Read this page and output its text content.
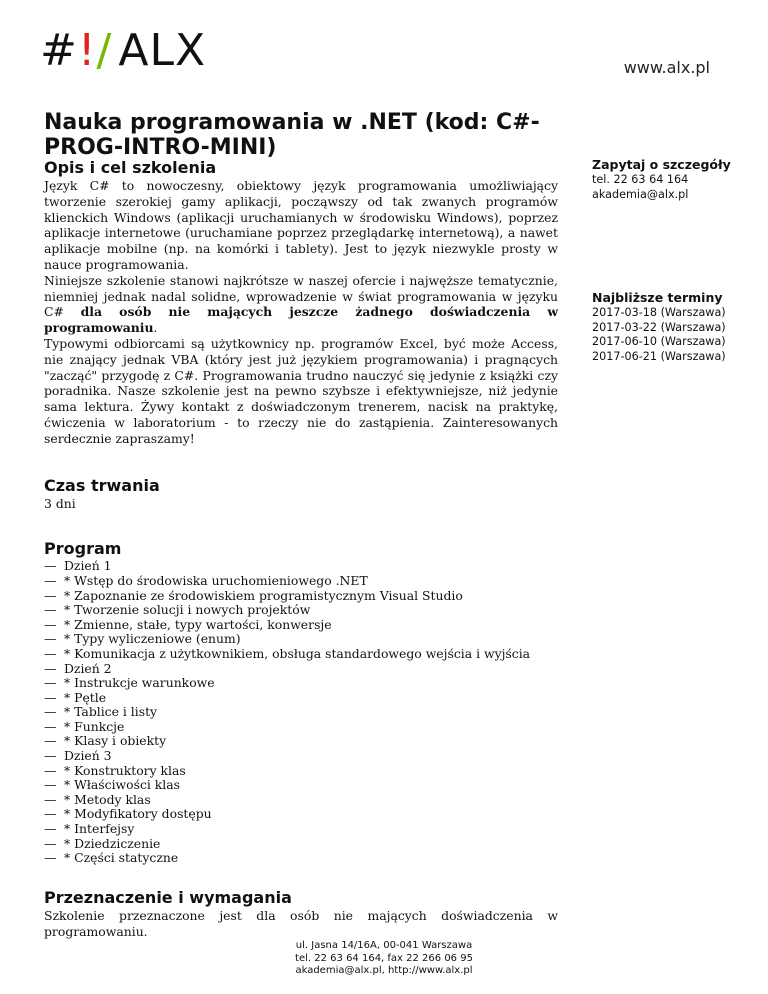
#!/ ALX	www.alx.pl
Nauka programowania w .NET (kod: C#-PROG-INTRO-MINI)
Opis i cel szkolenia

Język C# to nowoczesny, obiektowy język programowania umożliwiający tworzenie szerokiej gamy aplikacji, począwszy od tak zwanych programów klienckich Windows (aplikacji uruchamianych w środowisku Windows), poprzez aplikacje internetowe (uruchamiane poprzez przeglądarkę internetową), a nawet aplikacje mobilne (np. na komórki i tablety). Jest to język niezwykle prosty w nauce programowania.

Niniejsze szkolenie stanowi najkrótsze w naszej ofercie i najwęższe tematycznie, niemniej jednak nadal solidne, wprowadzenie w świat programowania w języku C# dla osób nie mających jeszcze żadnego doświadczenia w programowaniu.

Typowymi odbiorcami są użytkownicy np. programów Excel, być może Access, nie znający jednak VBA (który jest już językiem programowania) i pragnących "zacząć" przygodę z C#. Programowania trudno nauczyć się jedynie z książki czy poradnika. Nasze szkolenie jest na pewno szybsze i efektywniejsze, niż jedynie sama lektura. Żywy kontakt z doświadczonym trenerem, nacisk na praktykę, ćwiczenia w laboratorium - to rzeczy nie do zastąpienia. Zainteresowanych serdecznie zapraszamy!

Czas trwania

3 dni

Program
— Dzień 1
— * Wstęp do środowiska uruchomieniowego .NET
— * Zapoznanie ze środowiskiem programistycznym Visual Studio
— * Tworzenie solucji i nowych projektów
— * Zmienne, stałe, typy wartości, konwersje
— * Typy wyliczeniowe (enum)
— * Komunikacja z użytkownikiem, obsługa standardowego wejścia i wyjścia
— Dzień 2
— * Instrukcje warunkowe
— * Pętle
— * Tablice i listy
— * Funkcje
— * Klasy i obiekty
— Dzień 3
— * Konstruktory klas
— * Właściwości klas
— * Metody klas
— * Modyfikatory dostępu
— * Interfejsy
— * Dziedziczenie
— * Części statyczne
Przeznaczenie i wymagania

Szkolenie przeznaczone jest dla osób nie mających doświadczenia w programowaniu.

Zapytaj o szczegóły
tel. 22 63 64 164
akademia@alx.pl
Najbliższe terminy
2017-03-18 (Warszawa)
2017-03-22 (Warszawa)
2017-06-10 (Warszawa)
2017-06-21 (Warszawa)
ul. Jasna 14/16A, 00-041 Warszawa
tel. 22 63 64 164, fax 22 266 06 95
akademia@alx.pl, http://www.alx.pl
